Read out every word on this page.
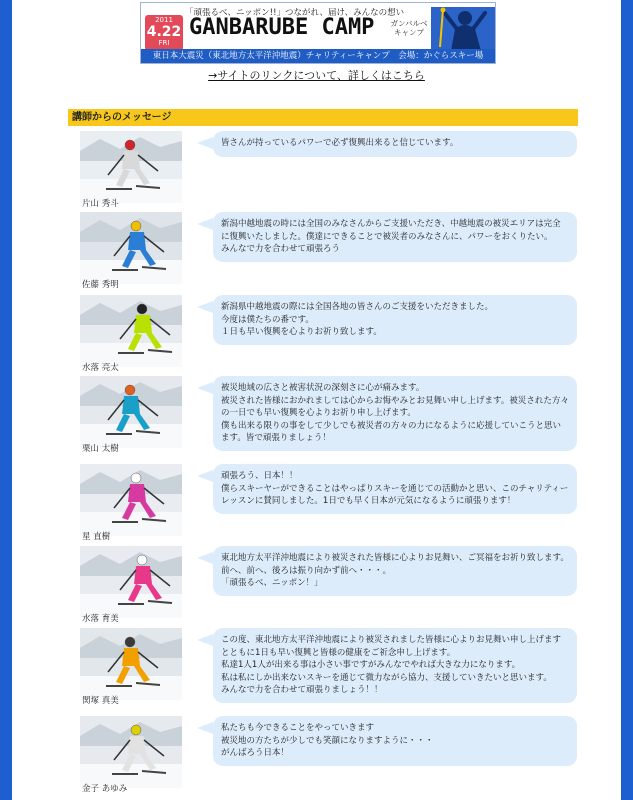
「頑張るべ、ニッポン!!」つながれ、届け、みんなの想い
2011
4.22
FRI
GANBARUBE CAMP ガンバルベ
キャンプ
東日本大震災（東北地方太平洋沖地震）チャリティーキャンプ　会場：かぐらスキー場
→サイトのリンクについて、詳しくはこちら
講師からのメッセージ
片山 秀斗
皆さんが持っているパワーで必ず復興出来ると信じています。
佐藤 秀明
新潟中越地震の時には全国のみなさんからご支援いただき、中越地震の被災エリアは完全に復興いたしました。僕達にできることで被災者のみなさんに、パワーをおくりたい。
みんなで力を合わせて頑張ろう
水落 亮太
新潟県中越地震の際には全国各地の皆さんのご支援をいただきました。
今度は僕たちの番です。
１日も早い復興を心よりお祈り致します。
栗山 太樹
被災地域の広さと被害状況の深刻さに心が痛みます。
被災された皆様におかれましては心からお悔やみとお見舞い申し上げます。被災された方々の一日でも早い復興を心よりお祈り申し上げます。
僕も出来る限りの事をして少しでも被災者の方々の力になるように応援していこうと思います。皆で頑張りましょう！
星 直樹
頑張ろう、日本！！
僕らスキーヤーができることはやっぱりスキーを通じての活動かと思い、このチャリティーレッスンに賛同しました。1日でも早く日本が元気になるように頑張ります！
水落 育美
東北地方太平洋沖地震により被災された皆様に心よりお見舞い、ご冥福をお祈り致します。
前へ、前へ、後ろは振り向かず前へ・・・。
「頑張るべ、ニッポン！」
関塚 真美
この度、東北地方太平洋沖地震により被災されました皆様に心よりお見舞い申し上げますとともに1日も早い復興と皆様の健康をご祈念申し上げます。
私達1人1人が出来る事は小さい事ですがみんなでやれば大きな力になります。
私は私にしか出来ないスキーを通じて微力ながら協力、支援していきたいと思います。
みんなで力を合わせて頑張りましょう！！
金子 あゆみ
私たちも今できることをやっていきます
被災地の方たちが少しでも笑顔になりますように・・・
がんばろう日本！
